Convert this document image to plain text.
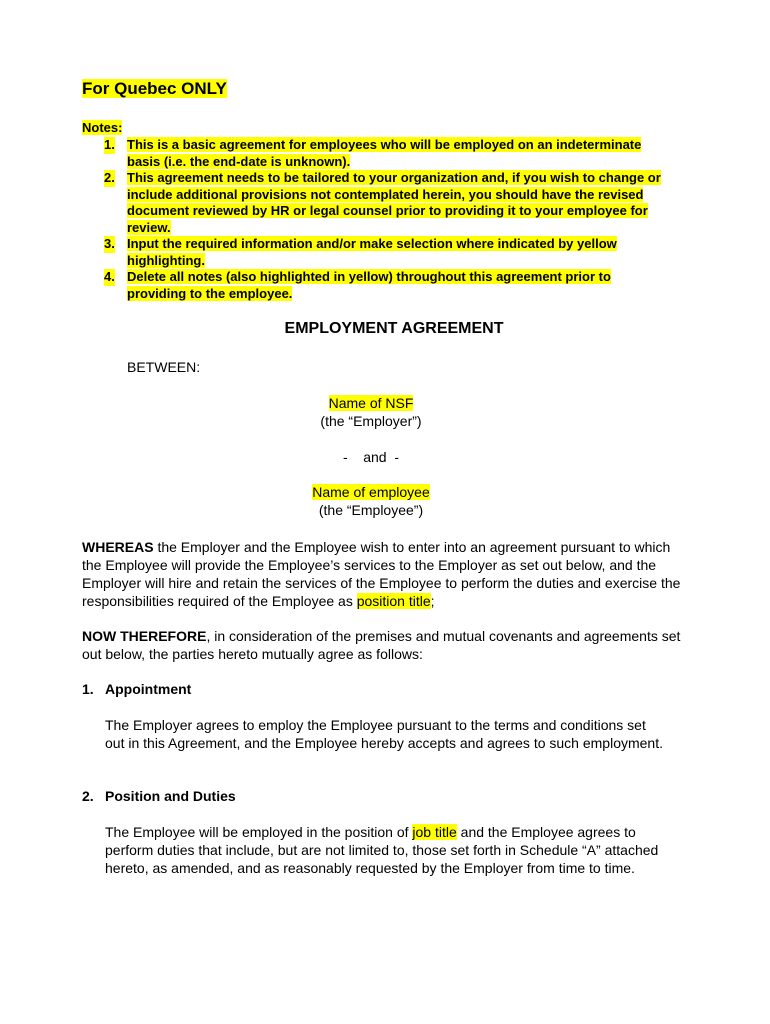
For Quebec ONLY
Notes:
1. This is a basic agreement for employees who will be employed on an indeterminate basis (i.e. the end-date is unknown).
2. This agreement needs to be tailored to your organization and, if you wish to change or include additional provisions not contemplated herein, you should have the revised document reviewed by HR or legal counsel prior to providing it to your employee for review.
3. Input the required information and/or make selection where indicated by yellow highlighting.
4. Delete all notes (also highlighted in yellow) throughout this agreement prior to providing to the employee.
EMPLOYMENT AGREEMENT
BETWEEN:
Name of NSF
(the “Employer”)
-    and  -
Name of employee
(the “Employee”)

WHEREAS the Employer and the Employee wish to enter into an agreement pursuant to which the Employee will provide the Employee’s services to the Employer as set out below, and the Employer will hire and retain the services of the Employee to perform the duties and exercise the responsibilities required of the Employee as position title;

NOW THEREFORE, in consideration of the premises and mutual covenants and agreements set out below, the parties hereto mutually agree as follows:

1. Appointment

The Employer agrees to employ the Employee pursuant to the terms and conditions set out in this Agreement, and the Employee hereby accepts and agrees to such employment.

2. Position and Duties

The Employee will be employed in the position of job title and the Employee agrees to perform duties that include, but are not limited to, those set forth in Schedule “A” attached hereto, as amended, and as reasonably requested by the Employer from time to time.
